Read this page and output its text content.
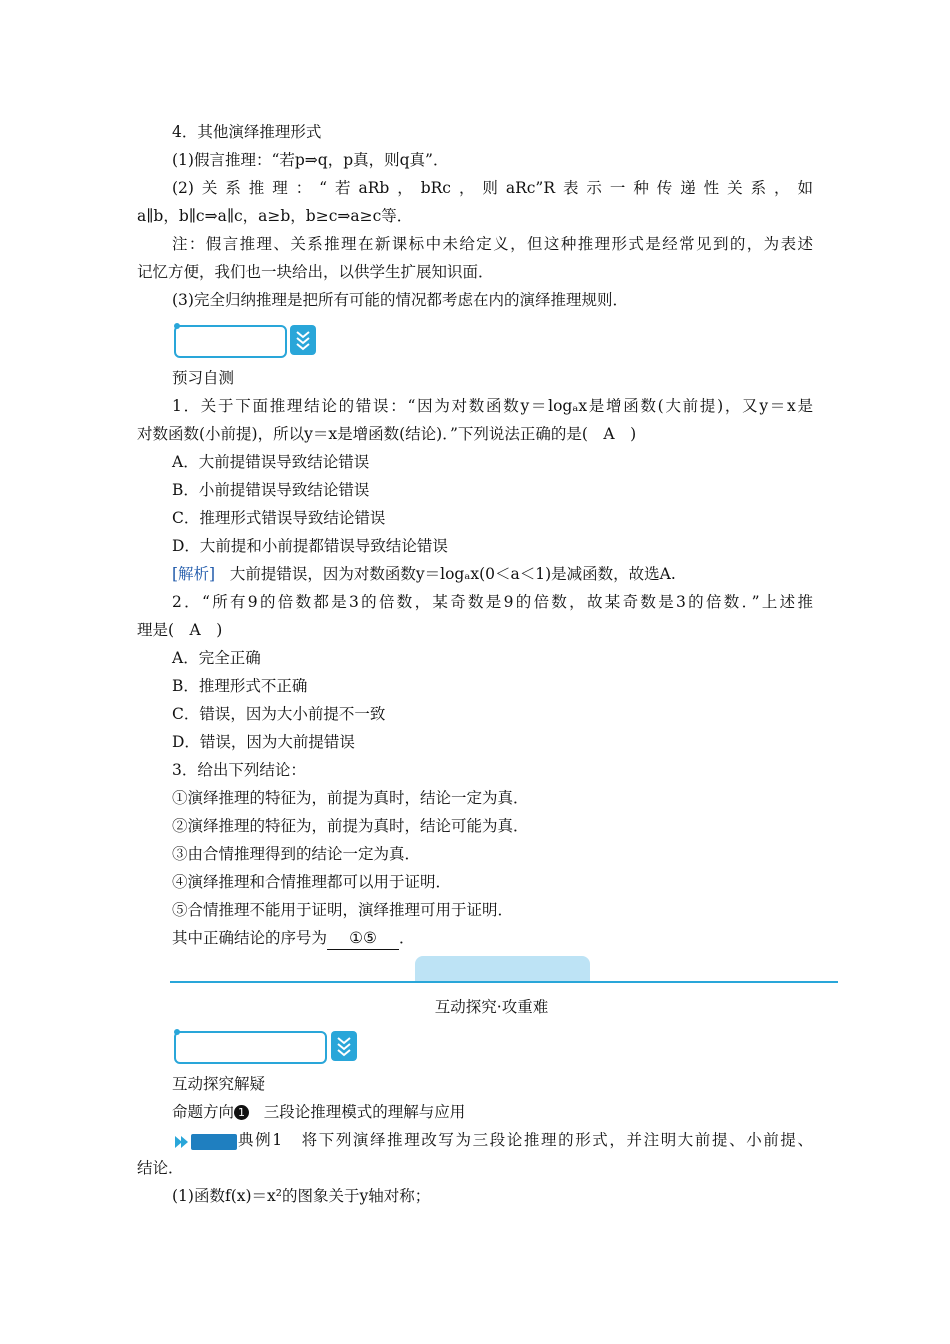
4．其他演绎推理形式
(1)假言推理：“若p⇒q，p真，则q真”．
(2)关系推理：“若aRb，bRc，则aRc”R表示一种传递性关系，如
a∥b，b∥c⇒a∥c，a≥b，b≥c⇒a≥c等．
注：假言推理、关系推理在新课标中未给定义，但这种推理形式是经常见到的，为表述
记忆方便，我们也一块给出，以供学生扩展知识面．
(3)完全归纳推理是把所有可能的情况都考虑在内的演绎推理规则．
预习自测
1．关于下面推理结论的错误：“因为对数函数y＝logₐx是增函数(大前提)，又y＝x是
对数函数(小前提)，所以y＝x是增函数(结论)．”下列说法正确的是(　A　)
A．大前提错误导致结论错误
B．小前提错误导致结论错误
C．推理形式错误导致结论错误
D．大前提和小前提都错误导致结论错误
[解析] 大前提错误，因为对数函数y＝logₐx(0＜a＜1)是减函数，故选A.
2．“所有9的倍数都是3的倍数，某奇数是9的倍数，故某奇数是3的倍数．”上述推
理是(　A　)
A．完全正确
B．推理形式不正确
C．错误，因为大小前提不一致
D．错误，因为大前提错误
3．给出下列结论：
①演绎推理的特征为，前提为真时，结论一定为真．
②演绎推理的特征为，前提为真时，结论可能为真．
③由合情推理得到的结论一定为真．
④演绎推理和合情推理都可以用于证明．
⑤合情推理不能用于证明，演绎推理可用于证明．
其中正确结论的序号为 ①⑤ ．
互动探究·攻重难
互动探究解疑
命题方向 1 三段论推理模式的理解与应用
典例1 将下列演绎推理改写为三段论推理的形式，并注明大前提、小前提、
结论．
(1)函数f(x)＝x²的图象关于y轴对称；
